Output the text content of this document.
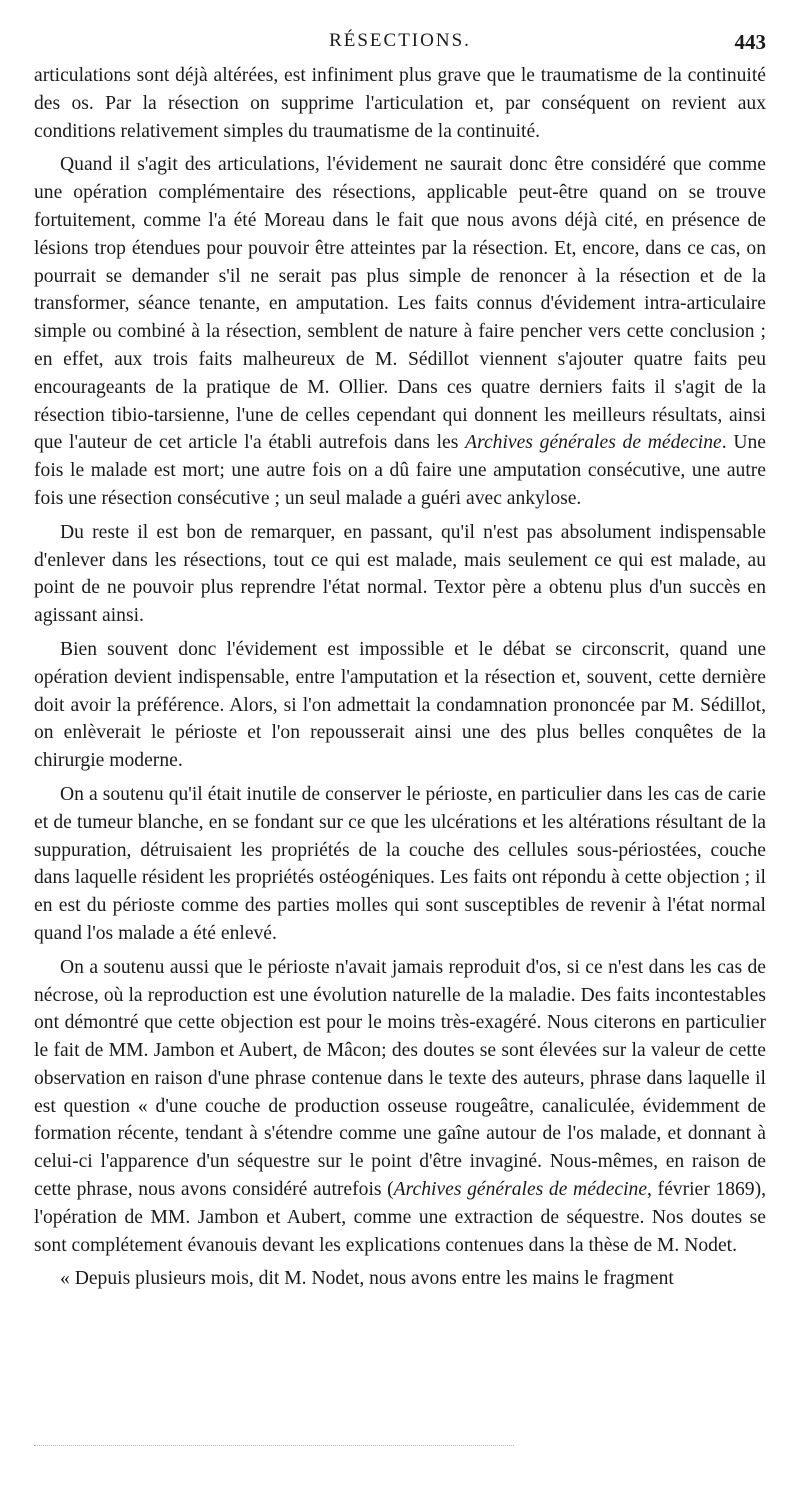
RÉSECTIONS.	443

articulations sont déjà altérées, est infiniment plus grave que le traumatisme de la continuité des os. Par la résection on supprime l'articulation et, par conséquent on revient aux conditions relativement simples du traumatisme de la continuité.

Quand il s'agit des articulations, l'évidement ne saurait donc être considéré que comme une opération complémentaire des résections, applicable peut-être quand on se trouve fortuitement, comme l'a été Moreau dans le fait que nous avons déjà cité, en présence de lésions trop étendues pour pouvoir être atteintes par la résection. Et, encore, dans ce cas, on pourrait se demander s'il ne serait pas plus simple de renoncer à la résection et de la transformer, séance tenante, en amputation. Les faits connus d'évidement intra-articulaire simple ou combiné à la résection, semblent de nature à faire pencher vers cette conclusion ; en effet, aux trois faits malheureux de M. Sédillot viennent s'ajouter quatre faits peu encourageants de la pratique de M. Ollier. Dans ces quatre derniers faits il s'agit de la résection tibio-tarsienne, l'une de celles cependant qui donnent les meilleurs résultats, ainsi que l'auteur de cet article l'a établi autrefois dans les Archives générales de médecine. Une fois le malade est mort; une autre fois on a dû faire une amputation consécutive, une autre fois une résection consécutive ; un seul malade a guéri avec ankylose.

Du reste il est bon de remarquer, en passant, qu'il n'est pas absolument indispensable d'enlever dans les résections, tout ce qui est malade, mais seulement ce qui est malade, au point de ne pouvoir plus reprendre l'état normal. Textor père a obtenu plus d'un succès en agissant ainsi.

Bien souvent donc l'évidement est impossible et le débat se circonscrit, quand une opération devient indispensable, entre l'amputation et la résection et, souvent, cette dernière doit avoir la préférence. Alors, si l'on admettait la condamnation prononcée par M. Sédillot, on enlèverait le périoste et l'on repousserait ainsi une des plus belles conquêtes de la chirurgie moderne.

On a soutenu qu'il était inutile de conserver le périoste, en particulier dans les cas de carie et de tumeur blanche, en se fondant sur ce que les ulcérations et les altérations résultant de la suppuration, détruisaient les propriétés de la couche des cellules sous-périostées, couche dans laquelle résident les propriétés ostéogéniques. Les faits ont répondu à cette objection ; il en est du périoste comme des parties molles qui sont susceptibles de revenir à l'état normal quand l'os malade a été enlevé.

On a soutenu aussi que le périoste n'avait jamais reproduit d'os, si ce n'est dans les cas de nécrose, où la reproduction est une évolution naturelle de la maladie. Des faits incontestables ont démontré que cette objection est pour le moins très-exagéré. Nous citerons en particulier le fait de MM. Jambon et Aubert, de Mâcon; des doutes se sont élevées sur la valeur de cette observation en raison d'une phrase contenue dans le texte des auteurs, phrase dans laquelle il est question « d'une couche de production osseuse rougeâtre, canaliculée, évidemment de formation récente, tendant à s'étendre comme une gaîne autour de l'os malade, et donnant à celui-ci l'apparence d'un séquestre sur le point d'être invaginé. Nous-mêmes, en raison de cette phrase, nous avons considéré autrefois (Archives générales de médecine, février 1869), l'opération de MM. Jambon et Aubert, comme une extraction de séquestre. Nos doutes se sont complétement évanouis devant les explications contenues dans la thèse de M. Nodet.

« Depuis plusieurs mois, dit M. Nodet, nous avons entre les mains le fragment
